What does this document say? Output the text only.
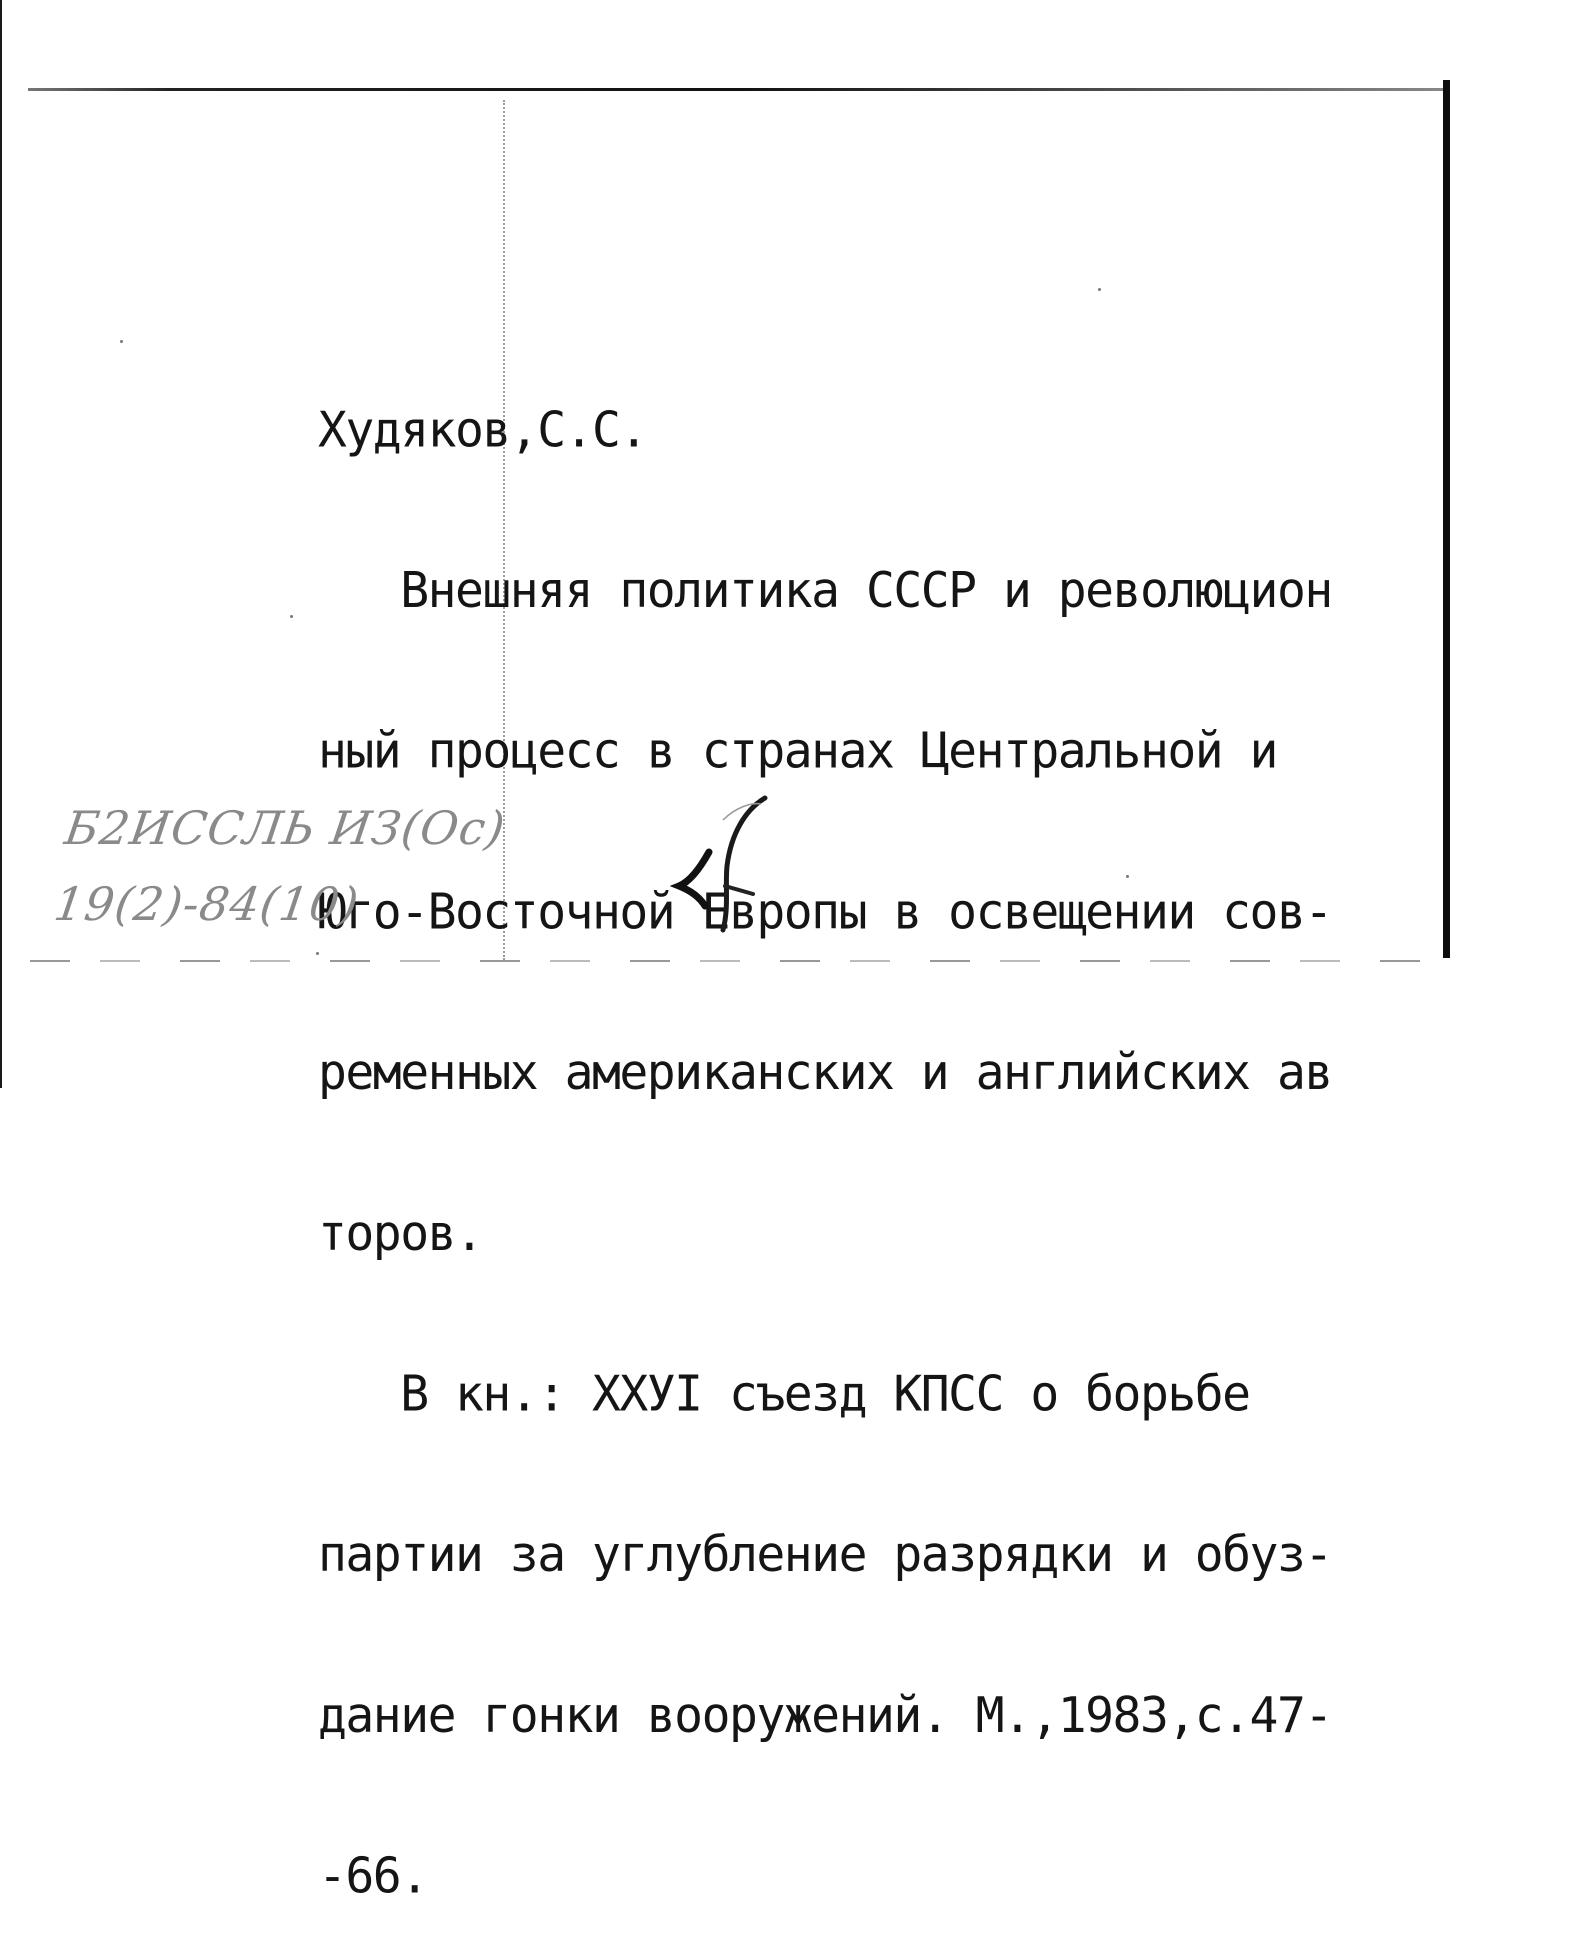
Худяков,С.С.

Внешняя политика СССР и революцион

ный процесс в странах Центральной и

Юго-Восточной Европы в освещении сов-

ременных американских и английских ав

торов.

В кн.: ХХУI съезд КПСС о борьбе

партии за углубление разрядки и обуз-

дание гонки вооружений. М.,1983,с.47-

-66.

Б2ИССЛЬ ИЗ(Ос)
19(2)-84(10)
